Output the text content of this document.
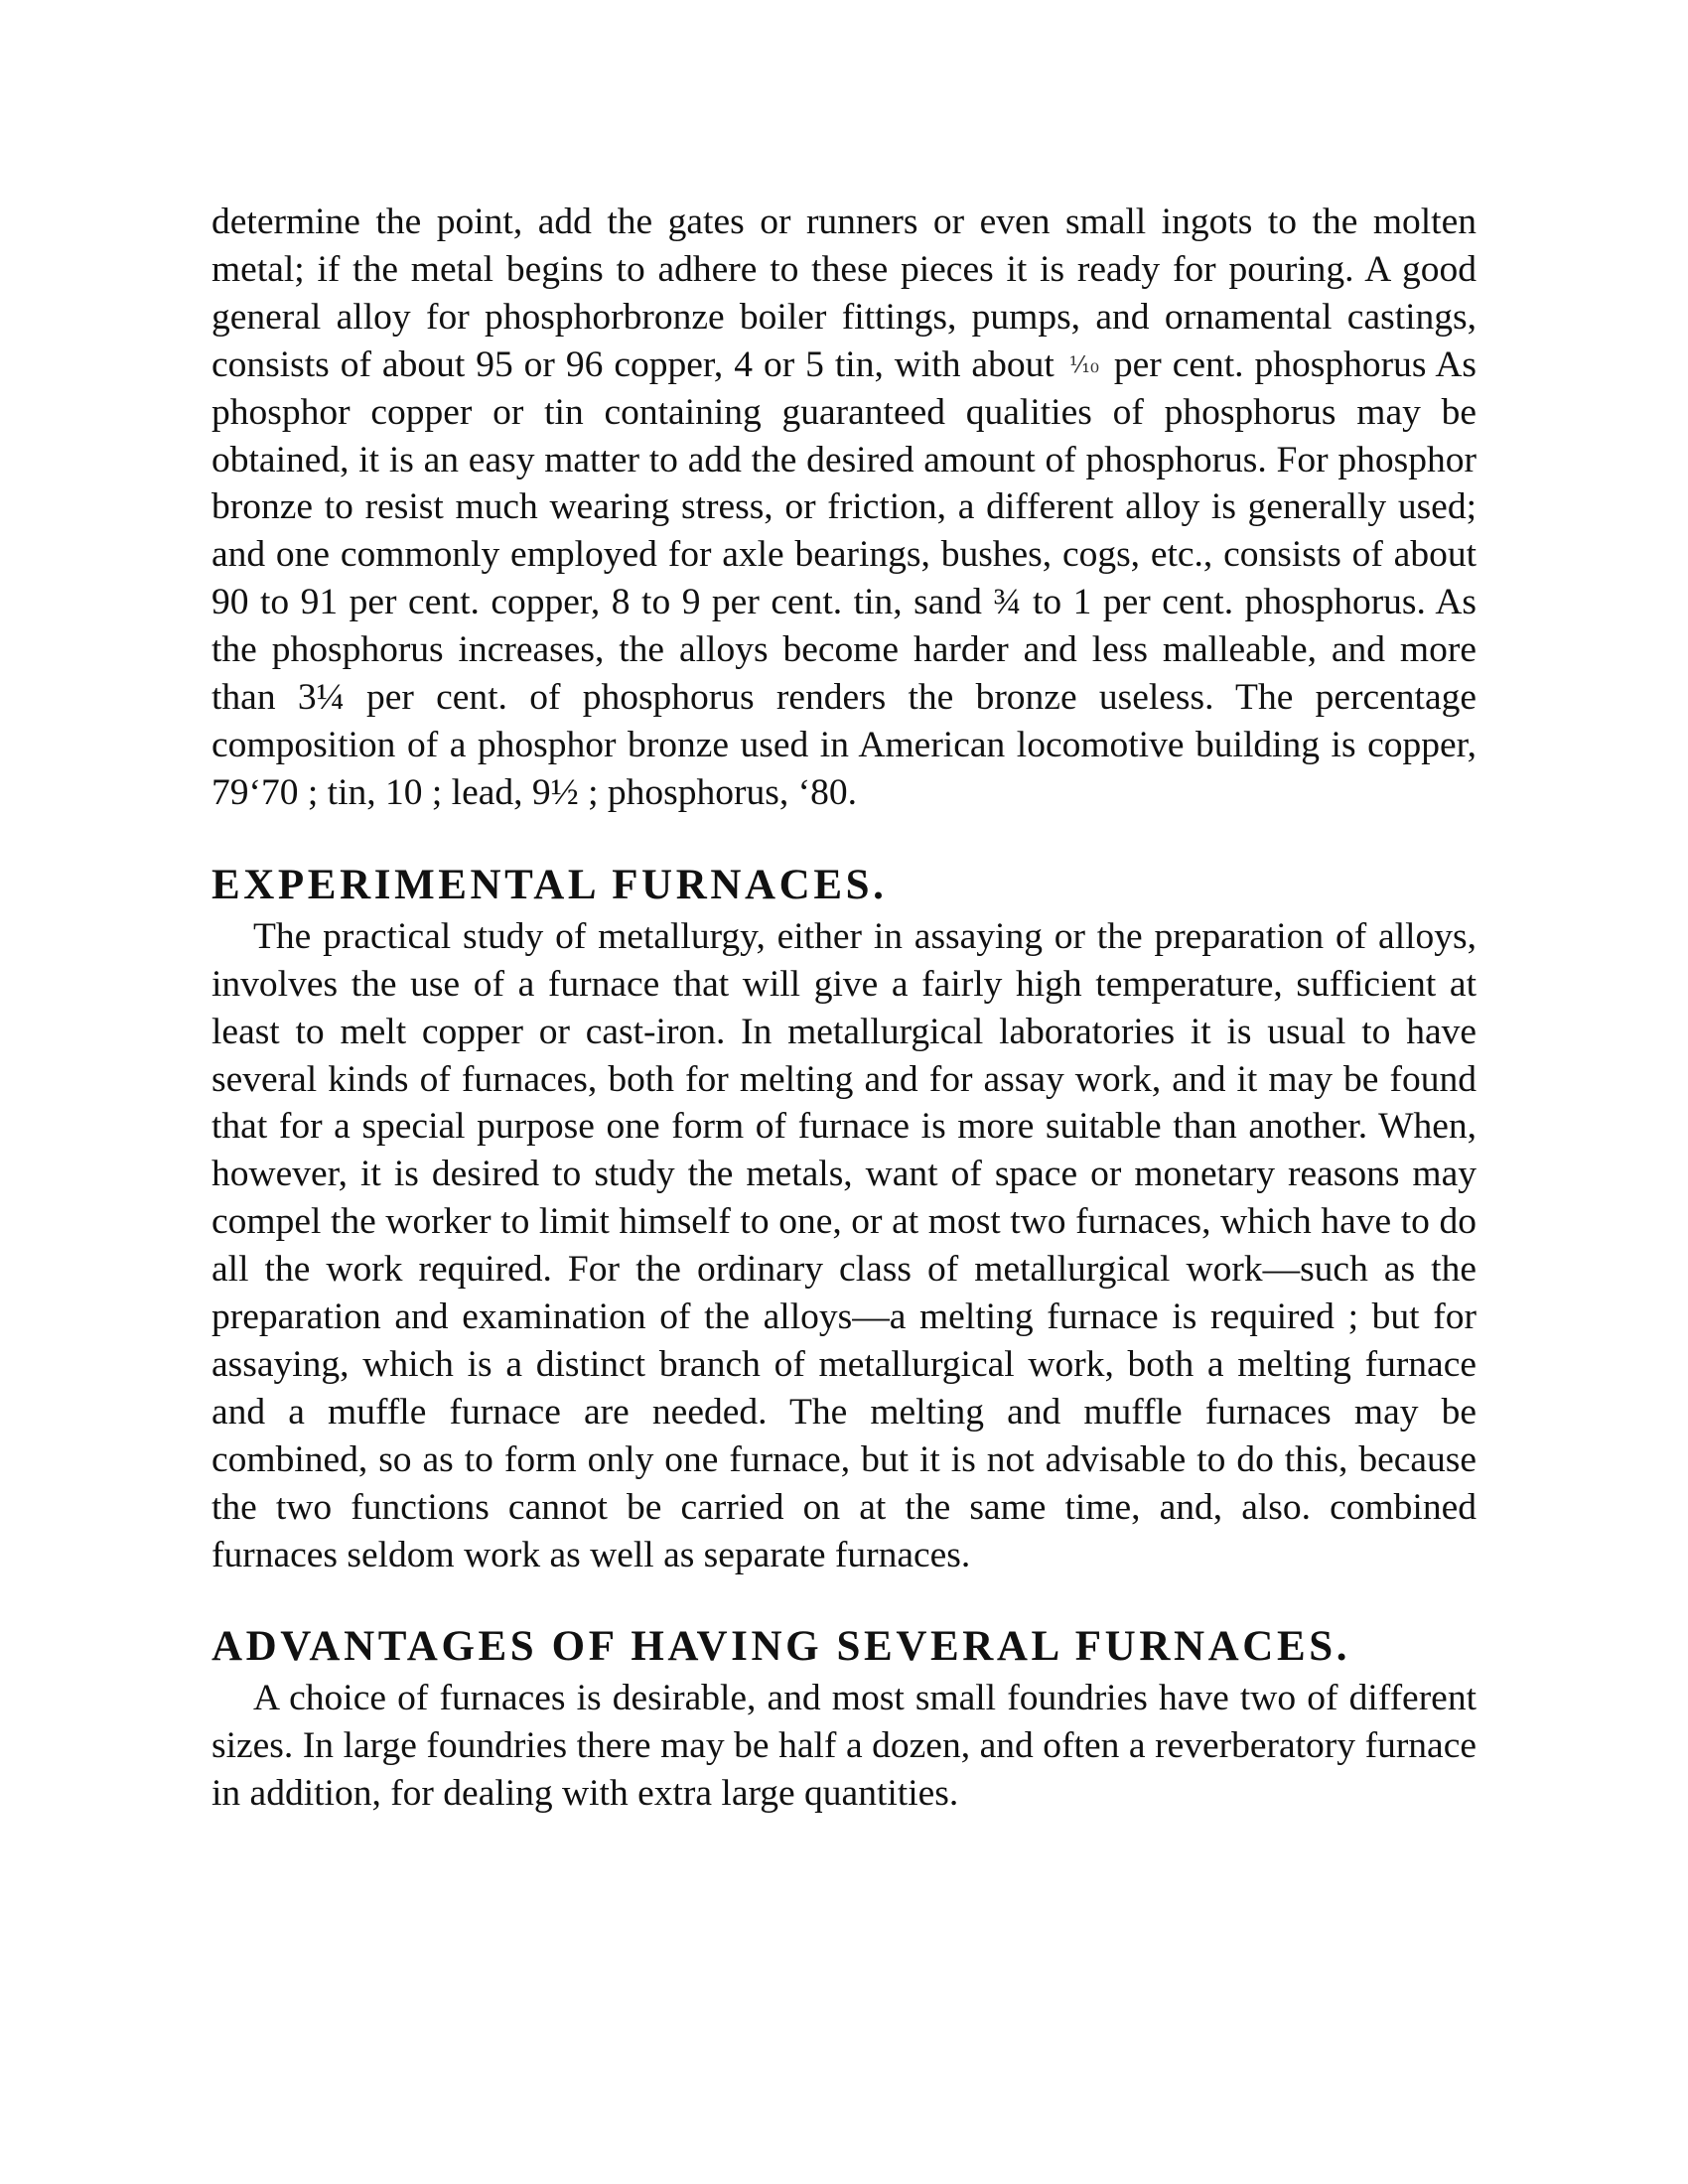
determine the point, add the gates or runners or even small ingots to the molten metal; if the metal begins to adhere to these pieces it is ready for pouring. A good general alloy for phosphorbronze boiler fittings, pumps, and ornamental castings, consists of about 95 or 96 copper, 4 or 5 tin, with about ⅒ per cent. phosphorus As phosphor copper or tin containing guaranteed qualities of phosphorus may be obtained, it is an easy matter to add the desired amount of phosphorus. For phosphor bronze to resist much wearing stress, or friction, a different alloy is generally used; and one commonly employed for axle bearings, bushes, cogs, etc., consists of about 90 to 91 per cent. copper, 8 to 9 per cent. tin, sand ¾ to 1 per cent. phosphorus. As the phosphorus increases, the alloys become harder and less malleable, and more than 3¼ per cent. of phosphorus renders the bronze useless. The percentage composition of a phosphor bronze used in American locomotive building is copper, 79‘70 ; tin, 10 ; lead, 9½ ; phosphorus, ‘80.

EXPERIMENTAL FURNACES.

The practical study of metallurgy, either in assaying or the preparation of alloys, involves the use of a furnace that will give a fairly high temperature, sufficient at least to melt copper or cast-iron. In metallurgical laboratories it is usual to have several kinds of furnaces, both for melting and for assay work, and it may be found that for a special purpose one form of furnace is more suitable than another. When, however, it is desired to study the metals, want of space or monetary reasons may compel the worker to limit himself to one, or at most two furnaces, which have to do all the work required. For the ordinary class of metallurgical work—such as the preparation and examination of the alloys—a melting furnace is required ; but for assaying, which is a distinct branch of metallurgical work, both a melting furnace and a muffle furnace are needed. The melting and muffle furnaces may be combined, so as to form only one furnace, but it is not advisable to do this, because the two functions cannot be carried on at the same time, and, also. combined furnaces seldom work as well as separate furnaces.

ADVANTAGES OF HAVING SEVERAL FURNACES.

A choice of furnaces is desirable, and most small foundries have two of different sizes. In large foundries there may be half a dozen, and often a reverberatory furnace in addition, for dealing with extra large quantities.
